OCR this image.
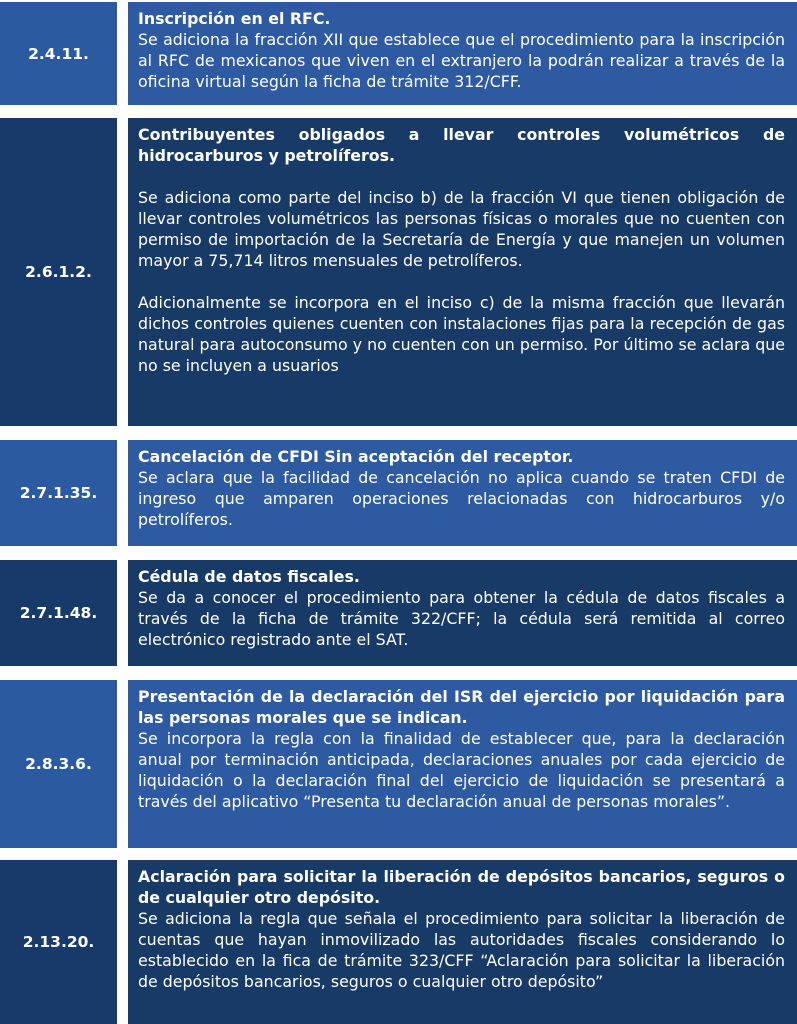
2.4.11.

Inscripción en el RFC.

Se adiciona la fracción XII que establece que el procedimiento para la inscripción al RFC de mexicanos que viven en el extranjero la podrán realizar a través de la oficina virtual según la ficha de trámite 312/CFF.

2.6.1.2.

Contribuyentes obligados a llevar controles volumétricos de hidrocarburos y petrolíferos.

Se adiciona como parte del inciso b) de la fracción VI que tienen obligación de llevar controles volumétricos las personas físicas o morales que no cuenten con permiso de importación de la Secretaría de Energía y que manejen un volumen mayor a 75,714 litros mensuales de petrolíferos.

Adicionalmente se incorpora en el inciso c) de la misma fracción que llevarán dichos controles quienes cuenten con instalaciones fijas para la recepción de gas natural para autoconsumo y no cuenten con un permiso. Por último se aclara que no se incluyen a usuarios

2.7.1.35.

Cancelación de CFDI Sin aceptación del receptor.

Se aclara que la facilidad de cancelación no aplica cuando se traten CFDI de ingreso que amparen operaciones relacionadas con hidrocarburos y/o petrolíferos.

2.7.1.48.

Cédula de datos fiscales.

Se da a conocer el procedimiento para obtener la cédula de datos fiscales a través de la ficha de trámite 322/CFF; la cédula será remitida al correo electrónico registrado ante el SAT.

2.8.3.6.

Presentación de la declaración del ISR del ejercicio por liquidación para las personas morales que se indican.

Se incorpora la regla con la finalidad de establecer que, para la declaración anual por terminación anticipada, declaraciones anuales por cada ejercicio de liquidación o la declaración final del ejercicio de liquidación se presentará a través del aplicativo “Presenta tu declaración anual de personas morales”.

2.13.20.

Aclaración para solicitar la liberación de depósitos bancarios, seguros o de cualquier otro depósito.

Se adiciona la regla que señala el procedimiento para solicitar la liberación de cuentas que hayan inmovilizado las autoridades fiscales considerando lo establecido en la fica de trámite 323/CFF “Aclaración para solicitar la liberación de depósitos bancarios, seguros o cualquier otro depósito”
